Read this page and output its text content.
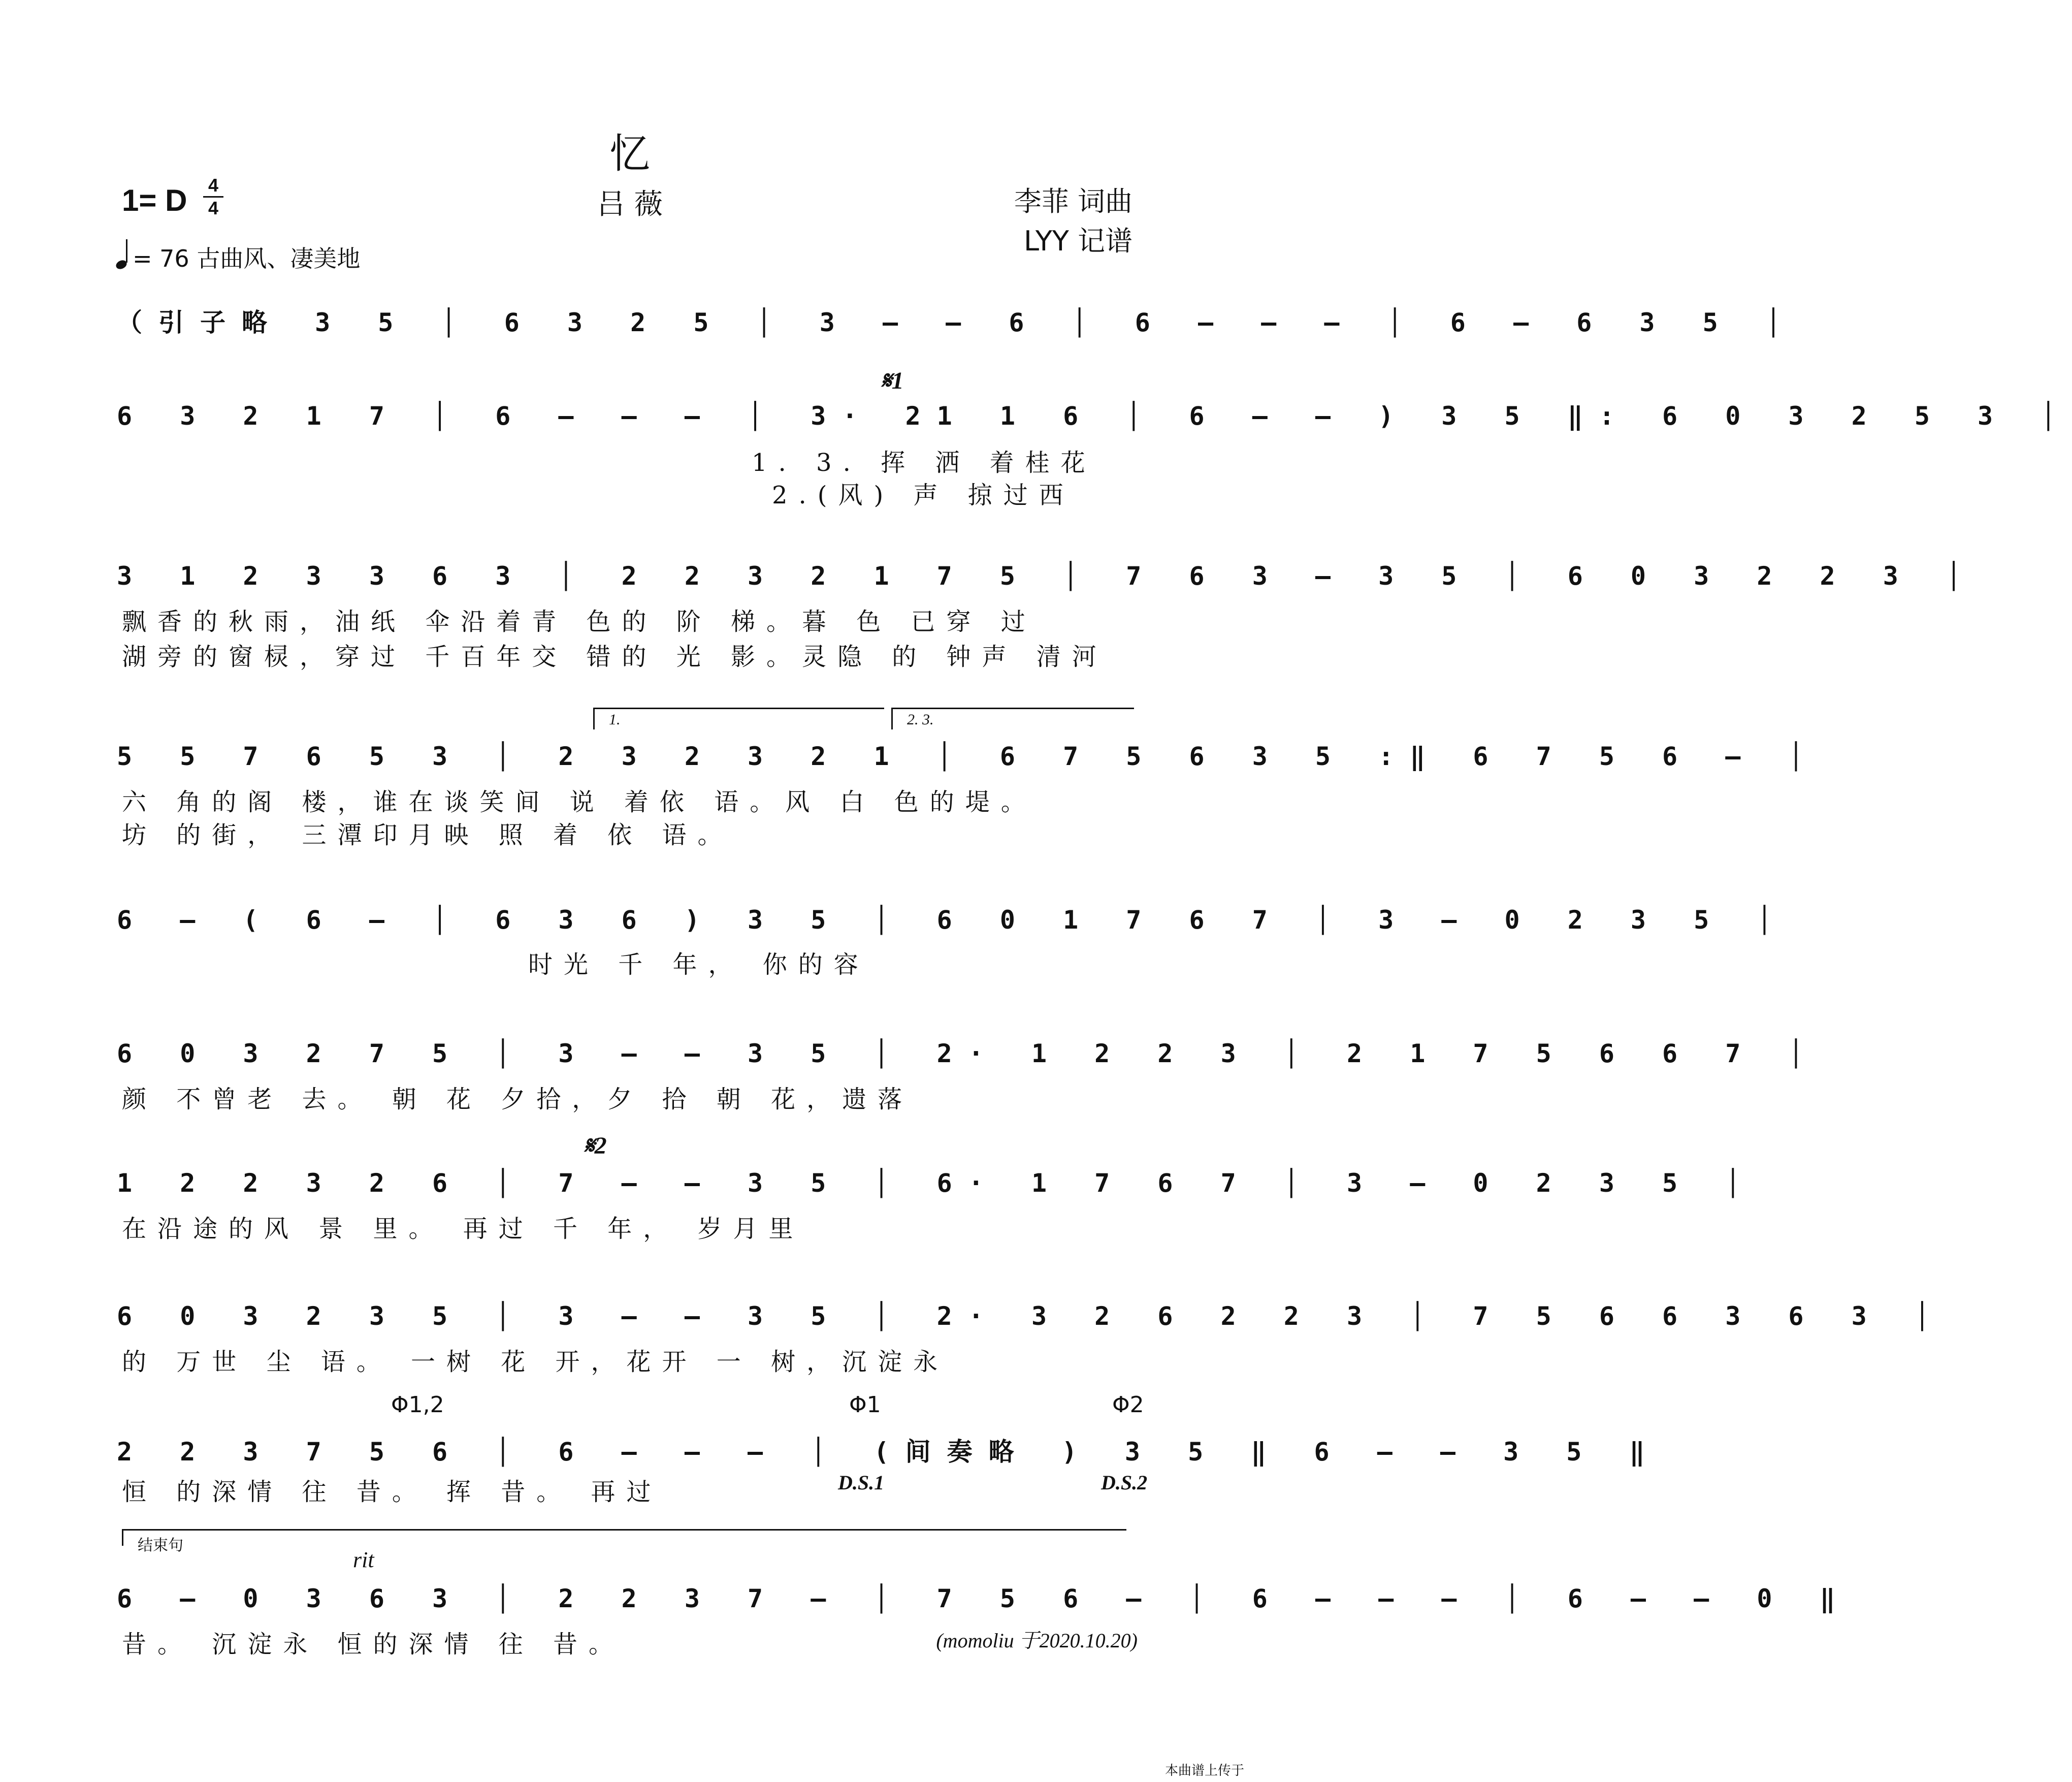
忆
1= D 4
4	吕 薇	李菲 词曲
LYY 记谱
= 76 古曲风、凄美地
（引子略 3 5 │ 6 3 2 5 │ 3 – – 6 │ 6 – – – │ 6 – 6 3 5 │
𝄋1
6 3 2 1 7 │ 6 – – – │ 3· 21 1 6 │ 6 – – ) 3 5 ‖: 6 0 3 2 5 3 │
1. 3. 挥 洒 着桂花
2.(风) 声 掠过西
3 1 2 3 3 6 3 │ 2 2 3 2 1 7 5 │ 7 6 3 – 3 5 │ 6 0 3 2 2 3 │
飘香的秋雨，油纸 伞沿着青 色的 阶 梯。暮 色 已穿 过
湖旁的窗棂，穿过 千百年交 错的 光 影。灵隐 的 钟声 清河
1.	2. 3.
5 5 7 6 5 3 │ 2 3 2 3 2 1 │ 6 7 5 6 3 5 :‖ 6 7 5 6 – │
六 角的阁 楼，谁在谈笑间 说 着依 语。风 白 色的堤。
坊 的街， 三潭印月映 照 着 依 语。
6 – ( 6 – │ 6 3 6 ) 3 5 │ 6 0 1 7 6 7 │ 3 – 0 2 3 5 │
时光 千 年， 你的容
6 0 3 2 7 5 │ 3 – – 3 5 │ 2· 1 2 2 3 │ 2 1 7 5 6 6 7 │
颜 不曾老 去。 朝 花 夕拾，夕 拾 朝 花，遗落
𝄋2
1 2 2 3 2 6 │ 7 – – 3 5 │ 6· 1 7 6 7 │ 3 – 0 2 3 5 │
在沿途的风 景 里。 再过 千 年， 岁月里
6 0 3 2 3 5 │ 3 – – 3 5 │ 2· 3 2 6 2 2 3 │ 7 5 6 6 3 6 3 │
的 万世 尘 语。 一树 花 开，花开 一 树，沉淀永
Φ1,2	Φ1	Φ2
2 2 3 7 5 6 │ 6 – – – │ (间奏略 ) 3 5 ‖ 6 – – 3 5 ‖
恒 的深情 往 昔。 挥 昔。 再过	D.S.1	D.S.2
结束句
rit
6 – 0 3 6 3 │ 2 2 3 7 – │ 7 5 6 – │ 6 – – – │ 6 – – 0 ‖
昔。 沉淀永 恒的深情 往 昔。	(momoliu 于2020.10.20)
本曲谱上传于
